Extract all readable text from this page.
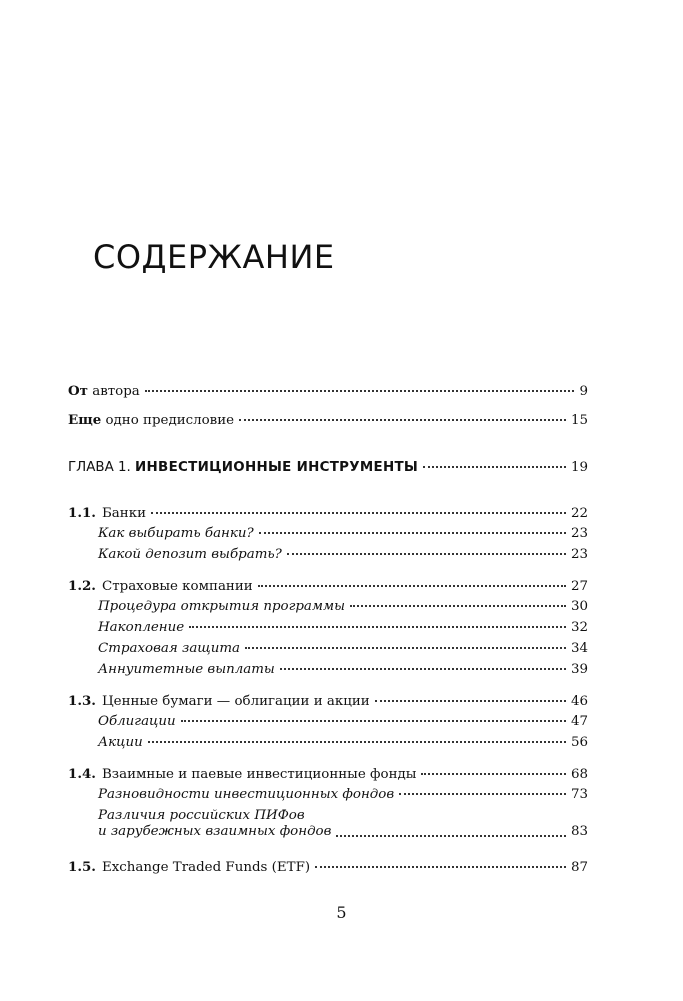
СОДЕРЖАНИЕ
От автора	9
Еще одно предисловие	15
ГЛАВА 1. ИНВЕСТИЦИОННЫЕ ИНСТРУМЕНТЫ	19
1.1. Банки	22
Как выбирать банки?	23
Какой депозит выбрать?	23
1.2. Страховые компании	27
Процедура открытия программы	30
Накопление	32
Страховая защита	34
Аннуитетные выплаты	39
1.3. Ценные бумаги — облигации и акции	46
Облигации	47
Акции	56
1.4. Взаимные и паевые инвестиционные фонды	68
Разновидности инвестиционных фондов	73
Различия российских ПИФов
и зарубежных взаимных фондов	83
1.5. Exchange Traded Funds (ETF)	87
5
